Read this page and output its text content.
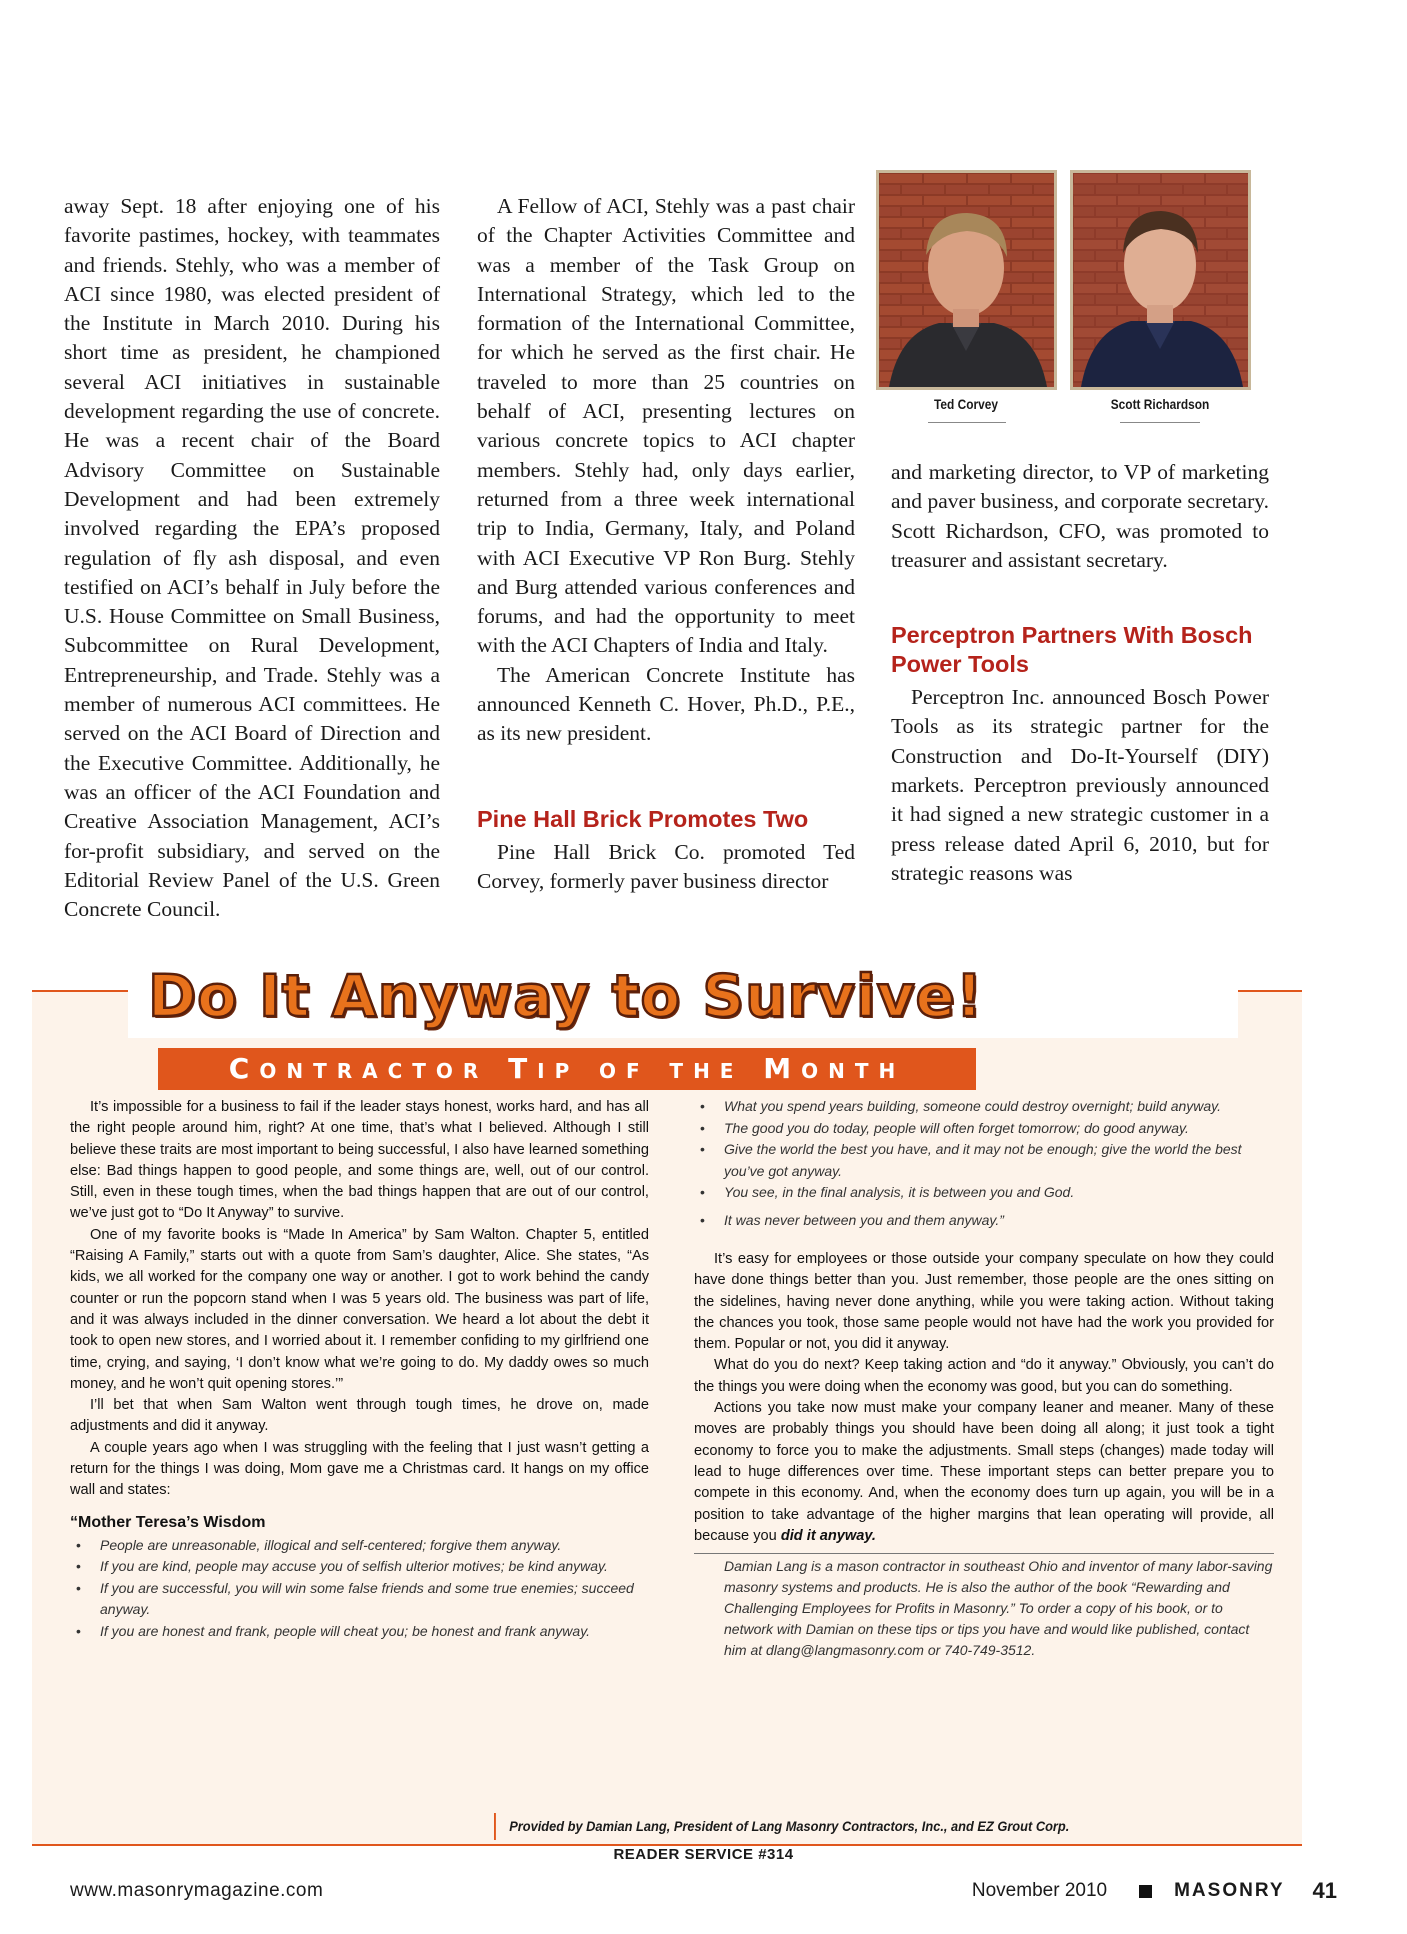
away Sept. 18 after enjoying one of his favorite pastimes, hockey, with teammates and friends. Stehly, who was a member of ACI since 1980, was elected president of the Institute in March 2010. During his short time as president, he championed several ACI initiatives in sustainable development regarding the use of concrete. He was a recent chair of the Board Advisory Committee on Sustainable Development and had been extremely involved regarding the EPA’s proposed regulation of fly ash disposal, and even testified on ACI’s behalf in July before the U.S. House Committee on Small Business, Subcommittee on Rural Development, Entrepreneurship, and Trade. Stehly was a member of numerous ACI committees. He served on the ACI Board of Direction and the Executive Committee. Additionally, he was an officer of the ACI Foundation and Creative Association Management, ACI’s for-profit subsidiary, and served on the Editorial Review Panel of the U.S. Green Concrete Council.

A Fellow of ACI, Stehly was a past chair of the Chapter Activities Committee and was a member of the Task Group on International Strategy, which led to the formation of the International Committee, for which he served as the first chair. He traveled to more than 25 countries on behalf of ACI, presenting lectures on various concrete topics to ACI chapter members. Stehly had, only days earlier, returned from a three week international trip to India, Germany, Italy, and Poland with ACI Executive VP Ron Burg. Stehly and Burg attended various conferences and forums, and had the opportunity to meet with the ACI Chapters of India and Italy.

The American Concrete Institute has announced Kenneth C. Hover, Ph.D., P.E., as its new president.

Pine Hall Brick Promotes Two

Pine Hall Brick Co. promoted Ted Corvey, formerly paver business director

Ted Corvey	Scott Richardson

and marketing director, to VP of marketing and paver business, and corporate secretary. Scott Richardson, CFO, was promoted to treasurer and assistant secretary.

Perceptron Partners With Bosch Power Tools

Perceptron Inc. announced Bosch Power Tools as its strategic partner for the Construction and Do-It-Yourself (DIY) markets. Perceptron previously announced it had signed a new strategic customer in a press release dated April 6, 2010, but for strategic reasons was

Do It Anyway to Survive!
Contractor Tip of the Month

It’s impossible for a business to fail if the leader stays honest, works hard, and has all the right people around him, right? At one time, that’s what I believed. Although I still believe these traits are most important to being successful, I also have learned something else: Bad things happen to good people, and some things are, well, out of our control. Still, even in these tough times, when the bad things happen that are out of our control, we’ve just got to “Do It Anyway” to survive.

One of my favorite books is “Made In America” by Sam Walton. Chapter 5, entitled “Raising A Family,” starts out with a quote from Sam’s daughter, Alice. She states, “As kids, we all worked for the company one way or another. I got to work behind the candy counter or run the popcorn stand when I was 5 years old. The business was part of life, and it was always included in the dinner conversation. We heard a lot about the debt it took to open new stores, and I worried about it. I remember confiding to my girlfriend one time, crying, and saying, ‘I don’t know what we’re going to do. My daddy owes so much money, and he won’t quit opening stores.’”

I’ll bet that when Sam Walton went through tough times, he drove on, made adjustments and did it anyway.

A couple years ago when I was struggling with the feeling that I just wasn’t getting a return for the things I was doing, Mom gave me a Christmas card. It hangs on my office wall and states:

“Mother Teresa’s Wisdom

• People are unreasonable, illogical and self-centered; forgive them anyway.
• If you are kind, people may accuse you of selfish ulterior motives; be kind anyway.
• If you are successful, you will win some false friends and some true enemies; succeed anyway.
• If you are honest and frank, people will cheat you; be honest and frank anyway.
• What you spend years building, someone could destroy overnight; build anyway.
• The good you do today, people will often forget tomorrow; do good anyway.
• Give the world the best you have, and it may not be enough; give the world the best you’ve got anyway.
• You see, in the final analysis, it is between you and God.
• It was never between you and them anyway.”

It’s easy for employees or those outside your company speculate on how they could have done things better than you. Just remember, those people are the ones sitting on the sidelines, having never done anything, while you were taking action. Without taking the chances you took, those same people would not have had the work you provided for them. Popular or not, you did it anyway.

What do you do next? Keep taking action and “do it anyway.” Obviously, you can’t do the things you were doing when the economy was good, but you can do something.

Actions you take now must make your company leaner and meaner. Many of these moves are probably things you should have been doing all along; it just took a tight economy to force you to make the adjustments. Small steps (changes) made today will lead to huge differences over time. These important steps can better prepare you to compete in this economy. And, when the economy does turn up again, you will be in a position to take advantage of the higher margins that lean operating will provide, all because you did it anyway.

Damian Lang is a mason contractor in southeast Ohio and inventor of many labor-saving masonry systems and products. He is also the author of the book “Rewarding and Challenging Employees for Profits in Masonry.” To order a copy of his book, or to network with Damian on these tips or tips you have and would like published, contact him at dlang@langmasonry.com or 740-749-3512.

Provided by Damian Lang, President of Lang Masonry Contractors, Inc., and EZ Grout Corp.
READER SERVICE #314
www.masonrymagazine.com	November 2010	MASONRY 41
